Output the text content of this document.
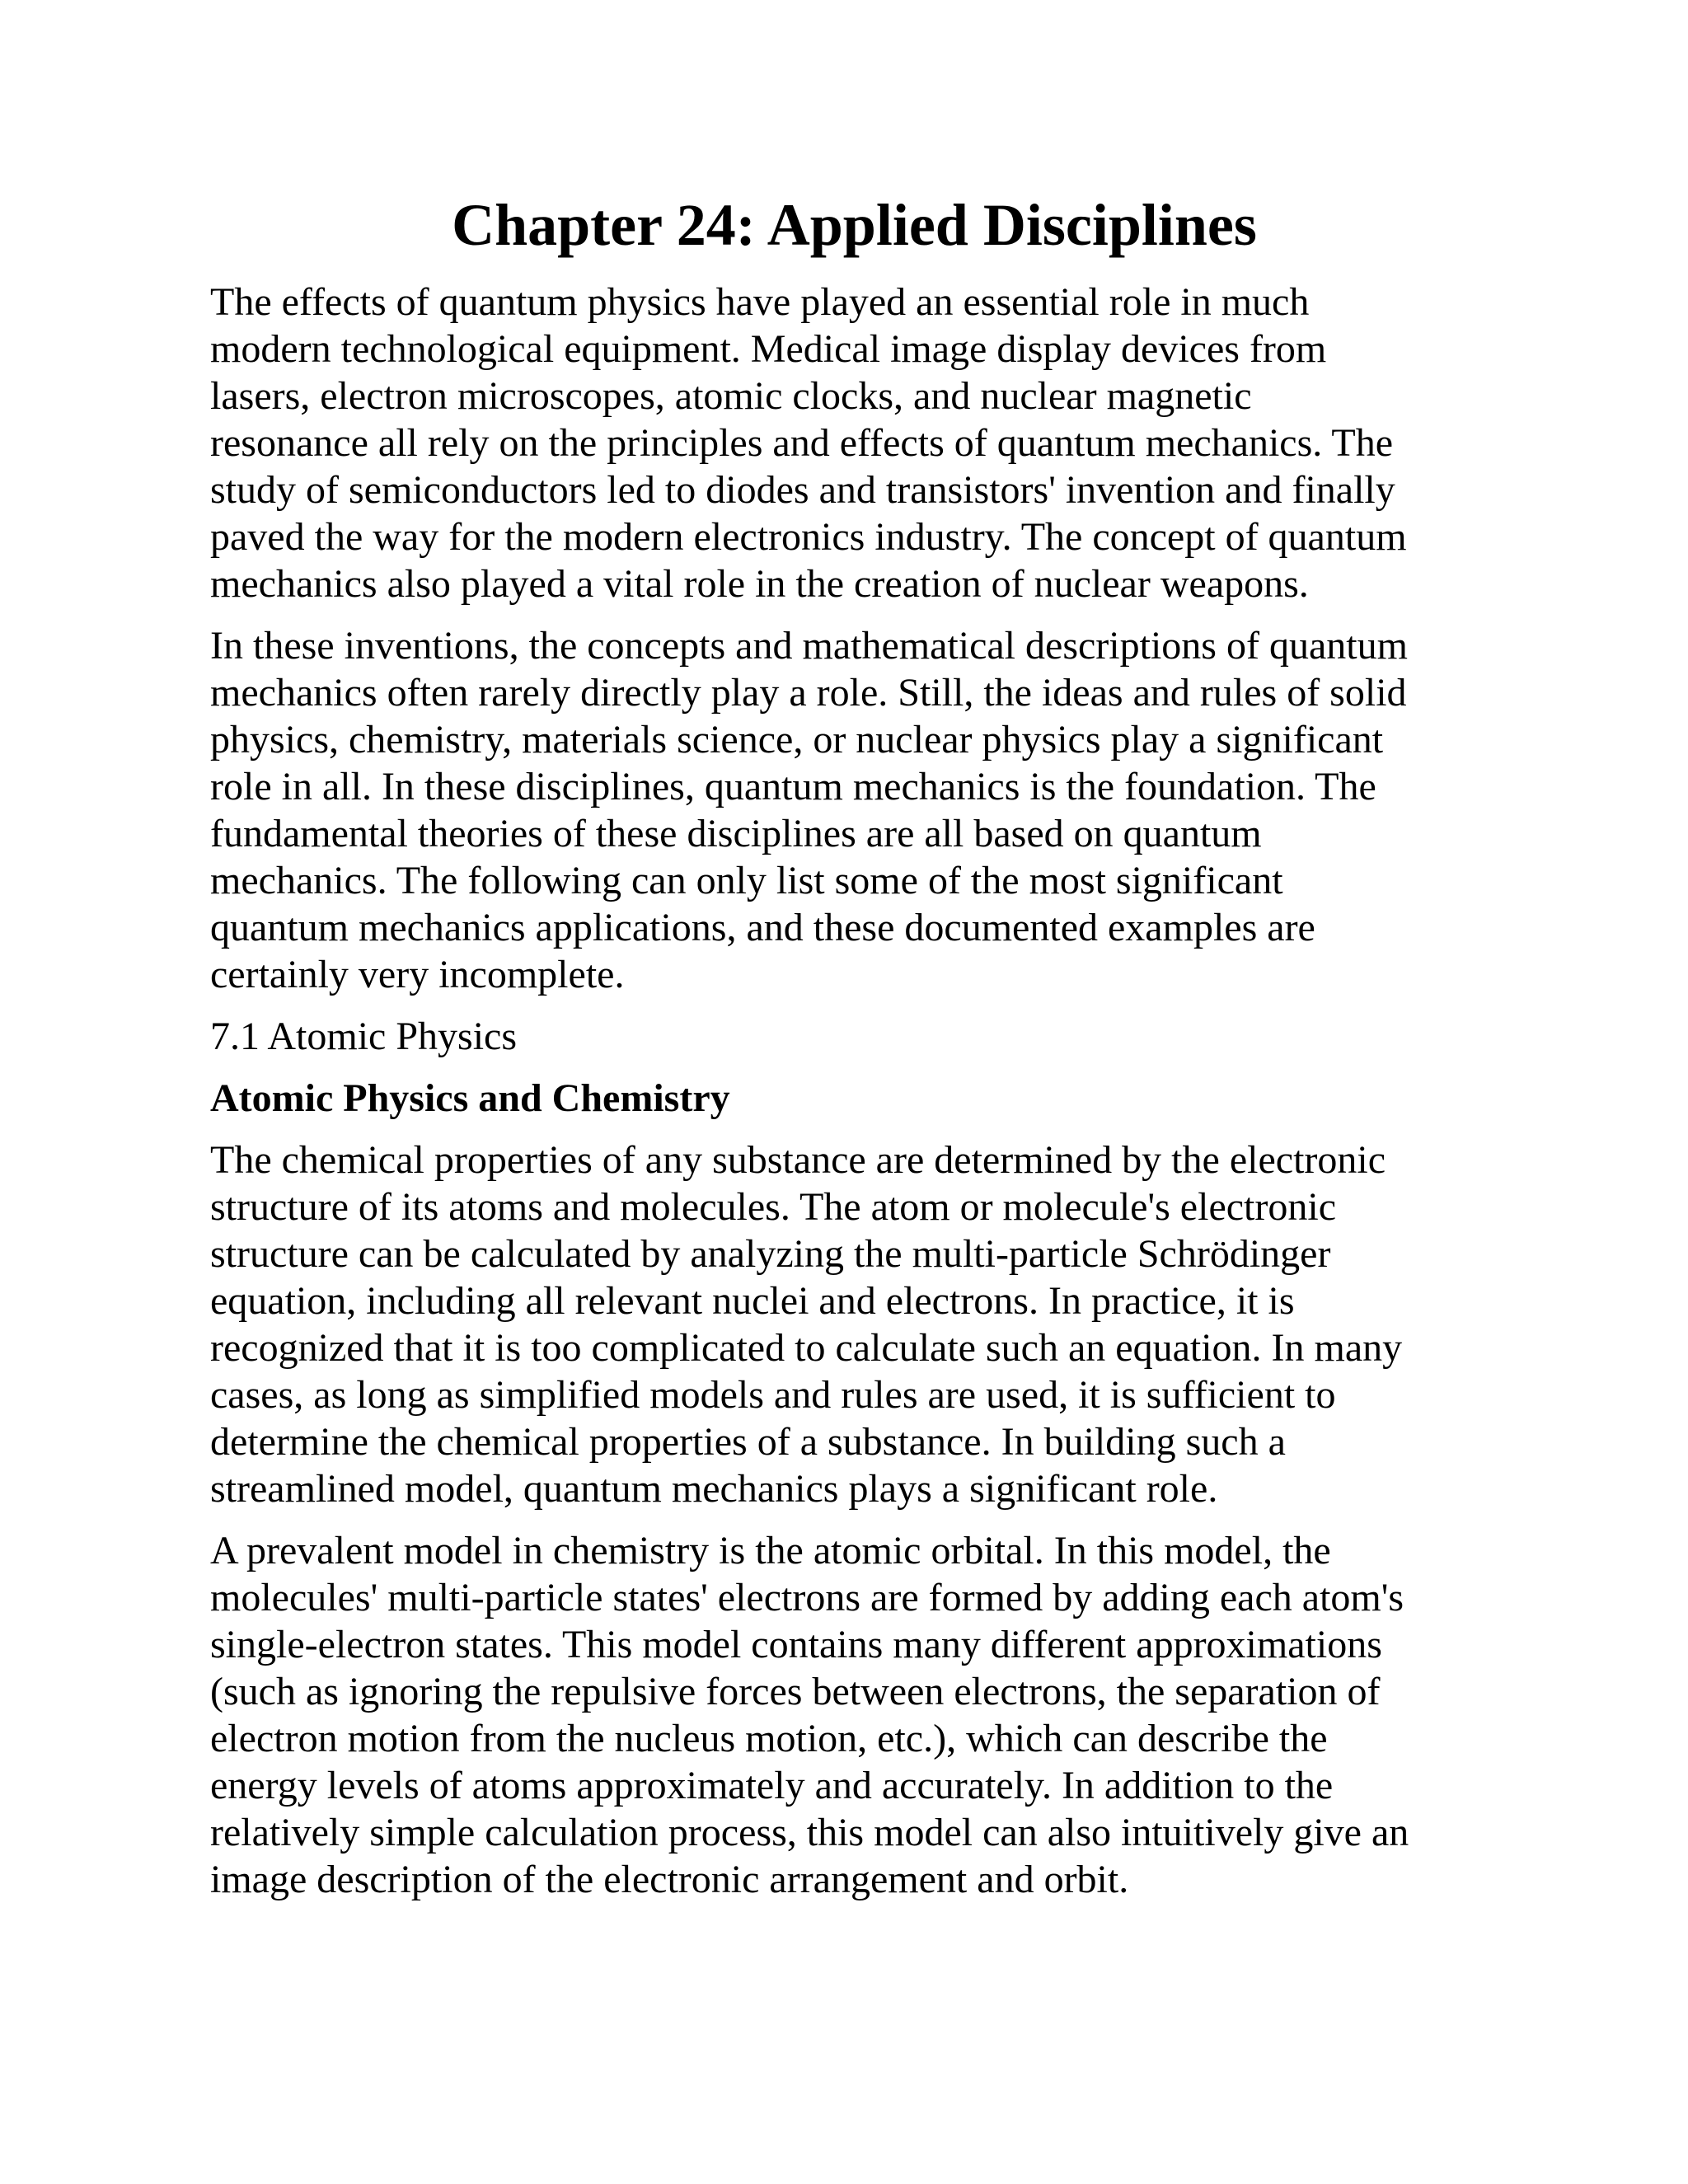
Chapter 24: Applied Disciplines

The effects of quantum physics have played an essential role in much
modern technological equipment. Medical image display devices from
lasers, electron microscopes, atomic clocks, and nuclear magnetic
resonance all rely on the principles and effects of quantum mechanics. The
study of semiconductors led to diodes and transistors' invention and finally
paved the way for the modern electronics industry. The concept of quantum
mechanics also played a vital role in the creation of nuclear weapons.

In these inventions, the concepts and mathematical descriptions of quantum
mechanics often rarely directly play a role. Still, the ideas and rules of solid
physics, chemistry, materials science, or nuclear physics play a significant
role in all. In these disciplines, quantum mechanics is the foundation. The
fundamental theories of these disciplines are all based on quantum
mechanics. The following can only list some of the most significant
quantum mechanics applications, and these documented examples are
certainly very incomplete.

7.1 Atomic Physics
Atomic Physics and Chemistry

The chemical properties of any substance are determined by the electronic
structure of its atoms and molecules. The atom or molecule's electronic
structure can be calculated by analyzing the multi-particle Schrödinger
equation, including all relevant nuclei and electrons. In practice, it is
recognized that it is too complicated to calculate such an equation. In many
cases, as long as simplified models and rules are used, it is sufficient to
determine the chemical properties of a substance. In building such a
streamlined model, quantum mechanics plays a significant role.

A prevalent model in chemistry is the atomic orbital. In this model, the
molecules' multi-particle states' electrons are formed by adding each atom's
single-electron states. This model contains many different approximations
(such as ignoring the repulsive forces between electrons, the separation of
electron motion from the nucleus motion, etc.), which can describe the
energy levels of atoms approximately and accurately. In addition to the
relatively simple calculation process, this model can also intuitively give an
image description of the electronic arrangement and orbit.
